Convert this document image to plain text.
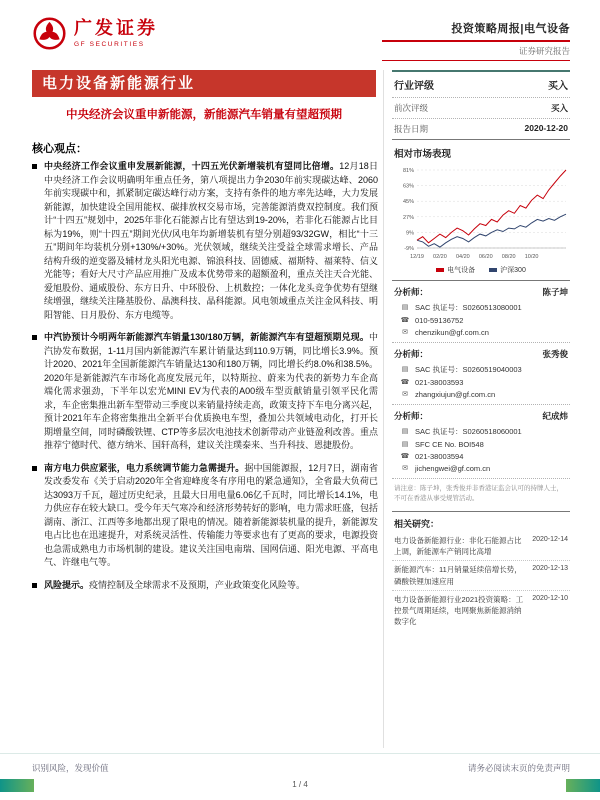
广发证券
GF SECURITIES
投资策略周报|电气设备
证券研究报告
电力设备新能源行业
中央经济会议重申新能源，新能源汽车销量有望超预期
核心观点：

中央经济工作会议重申发展新能源，十四五光伏新增装机有望同比倍增。12月18日中央经济工作会议明确明年重点任务，第八项提出力争2030年前实现碳达峰、2060年前实现碳中和，抓紧制定碳达峰行动方案，支持有条件的地方率先达峰，大力发展新能源，加快建设全国用能权、碳排放权交易市场，完善能源消费双控制度。我们预计“十四五”规划中，2025年非化石能源占比有望达到19-20%，若非化石能源占比目标为19%，则“十四五”期间光伏/风电年均新增装机有望分别超93/32GW，相比“十三五”期间年均装机分别+130%/+30%。光伏领域，继续关注受益全球需求增长、产品结构升级的逆变器及辅材龙头阳光电源、锦浪科技、固德威、福斯特、福莱特、信义光能等；看好大尺寸产品应用推广及成本优势带来的超额盈利，重点关注天合光能、爱旭股份、通威股份、东方日升、中环股份、上机数控；一体化龙头竞争优势有望继续增强，继续关注隆基股份、晶澳科技、晶科能源。风电领域重点关注金风科技、明阳智能、日月股份、东方电缆等。

中汽协预计今明两年新能源汽车销量130/180万辆，新能源汽车有望超预期兑现。中汽协发布数据，1-11月国内新能源汽车累计销量达到110.9万辆，同比增长3.9%。预计2020、2021年全国新能源汽车销量达130和180万辆，同比增长约8.0%和38.5%。2020年是新能源汽车市场化高度发展元年，以特斯拉、蔚来为代表的新势力车企高端化需求强劲，下半年以宏光MINI EV为代表的A00级车型贡献销量引领平民化需求，车企密集推出新车型带动三季度以来销量持续走高，政策支持下车电分离兴起，预计2021年车企将密集推出全新平台优质换电车型，叠加公共领域电动化，打开长期增量空间，同时磷酸铁锂、CTP等多层次电池技术创新带动产业链盈利改善。重点推荐宁德时代、德方纳米、国轩高科，建议关注璞泰来、当升科技、恩捷股份。

南方电力供应紧张，电力系统调节能力急需提升。据中国能源报，12月7日，湖南省发改委发布《关于启动2020年全省迎峰度冬有序用电的紧急通知》，全省最大负荷已达3093万千瓦，超过历史纪录，且最大日用电量6.06亿千瓦时，同比增长14.1%，电力供应存在较大缺口。受今年天气寒冷和经济形势转好的影响，电力需求旺盛，包括湖南、浙江、江西等多地都出现了限电的情况。随着新能源装机量的提升，新能源发电占比也在迅速提升，对系统灵活性、传输能力等要求也有了更高的要求，电源投资也急需成熟电力市场机制的建设。建议关注国电南瑞、国网信通、阳光电源、平高电气、许继电气等。

风险提示。疫情控制及全球需求不及预期，产业政策变化风险等。

行业评级	买入
前次评级	买入
报告日期	2020-12-20
相对市场表现
81%
63%
45%
27%
9%
-9%
12/19 02/20 04/20 06/20 08/20 10/20
电气设备	沪深300
分析师：	陈子坤
▤ SAC 执证号：S0260513080001
☎ 010-59136752
✉ chenzikun@gf.com.cn
分析师：	张秀俊
▤ SAC 执证号：S0260519040003
☎ 021-38003593
✉ zhangxiujun@gf.com.cn
分析师：	纪成炜
▤ SAC 执证号：S0260518060001
▤ SFC CE No. BOI548
☎ 021-38003594
✉ jichengwei@gf.com.cn
请注意：陈子坤，张秀俊并非香港证监会认可的持牌人士，不可在香港从事受规管活动。
相关研究：
电力设备新能源行业：非化石能源占比上调，新能源车产销同比高增
2020-12-14
新能源汽车：11月销量延续倍增长势，磷酸铁锂加速应用
2020-12-13
电力设备新能源行业2021投资策略：工控景气周期延续，电网聚焦新能源消纳数字化
2020-12-10
识别风险，发现价值	请务必阅读末页的免责声明
1 / 4
